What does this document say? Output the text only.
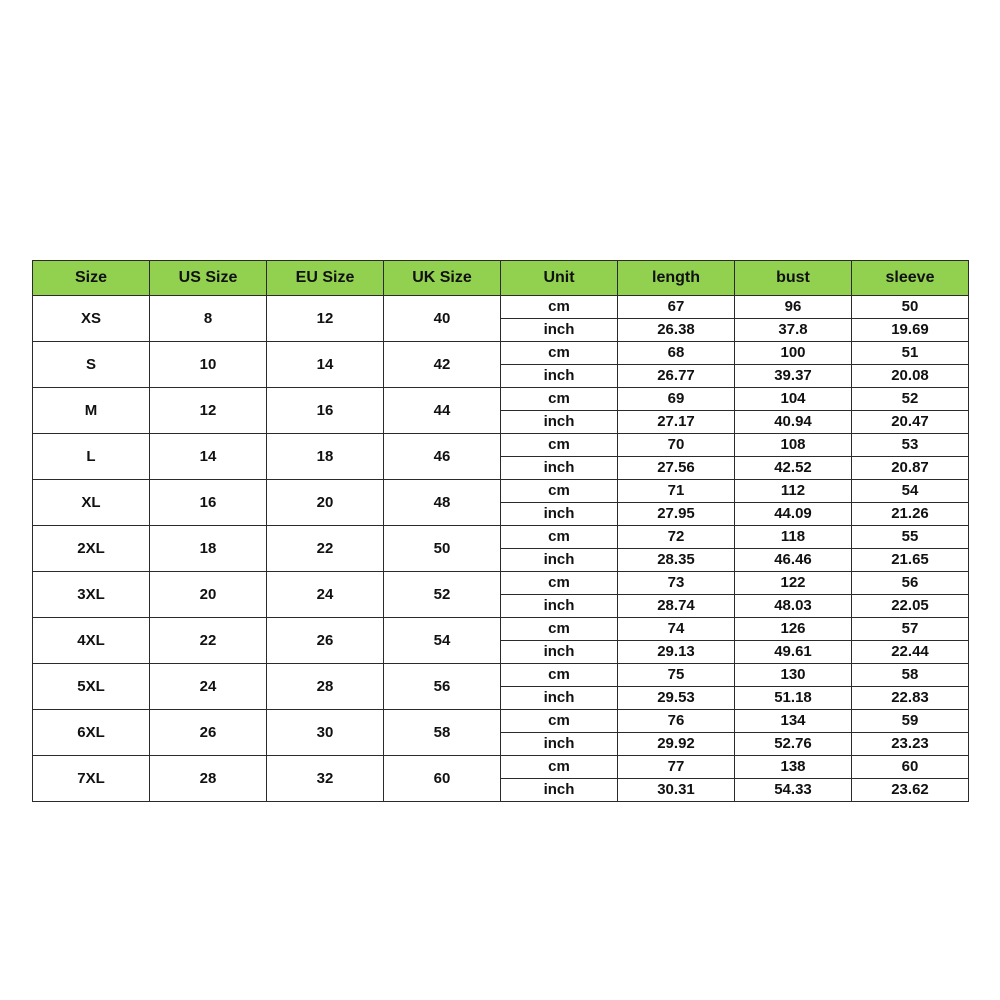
Size	US Size	EU Size	UK Size	Unit	length	bust	sleeve
XS	8	12	40	cm	67	96	50
				inch	26.38	37.8	19.69
S	10	14	42	cm	68	100	51
				inch	26.77	39.37	20.08
M	12	16	44	cm	69	104	52
				inch	27.17	40.94	20.47
L	14	18	46	cm	70	108	53
				inch	27.56	42.52	20.87
XL	16	20	48	cm	71	112	54
				inch	27.95	44.09	21.26
2XL	18	22	50	cm	72	118	55
				inch	28.35	46.46	21.65
3XL	20	24	52	cm	73	122	56
				inch	28.74	48.03	22.05
4XL	22	26	54	cm	74	126	57
				inch	29.13	49.61	22.44
5XL	24	28	56	cm	75	130	58
				inch	29.53	51.18	22.83
6XL	26	30	58	cm	76	134	59
				inch	29.92	52.76	23.23
7XL	28	32	60	cm	77	138	60
				inch	30.31	54.33	23.62
